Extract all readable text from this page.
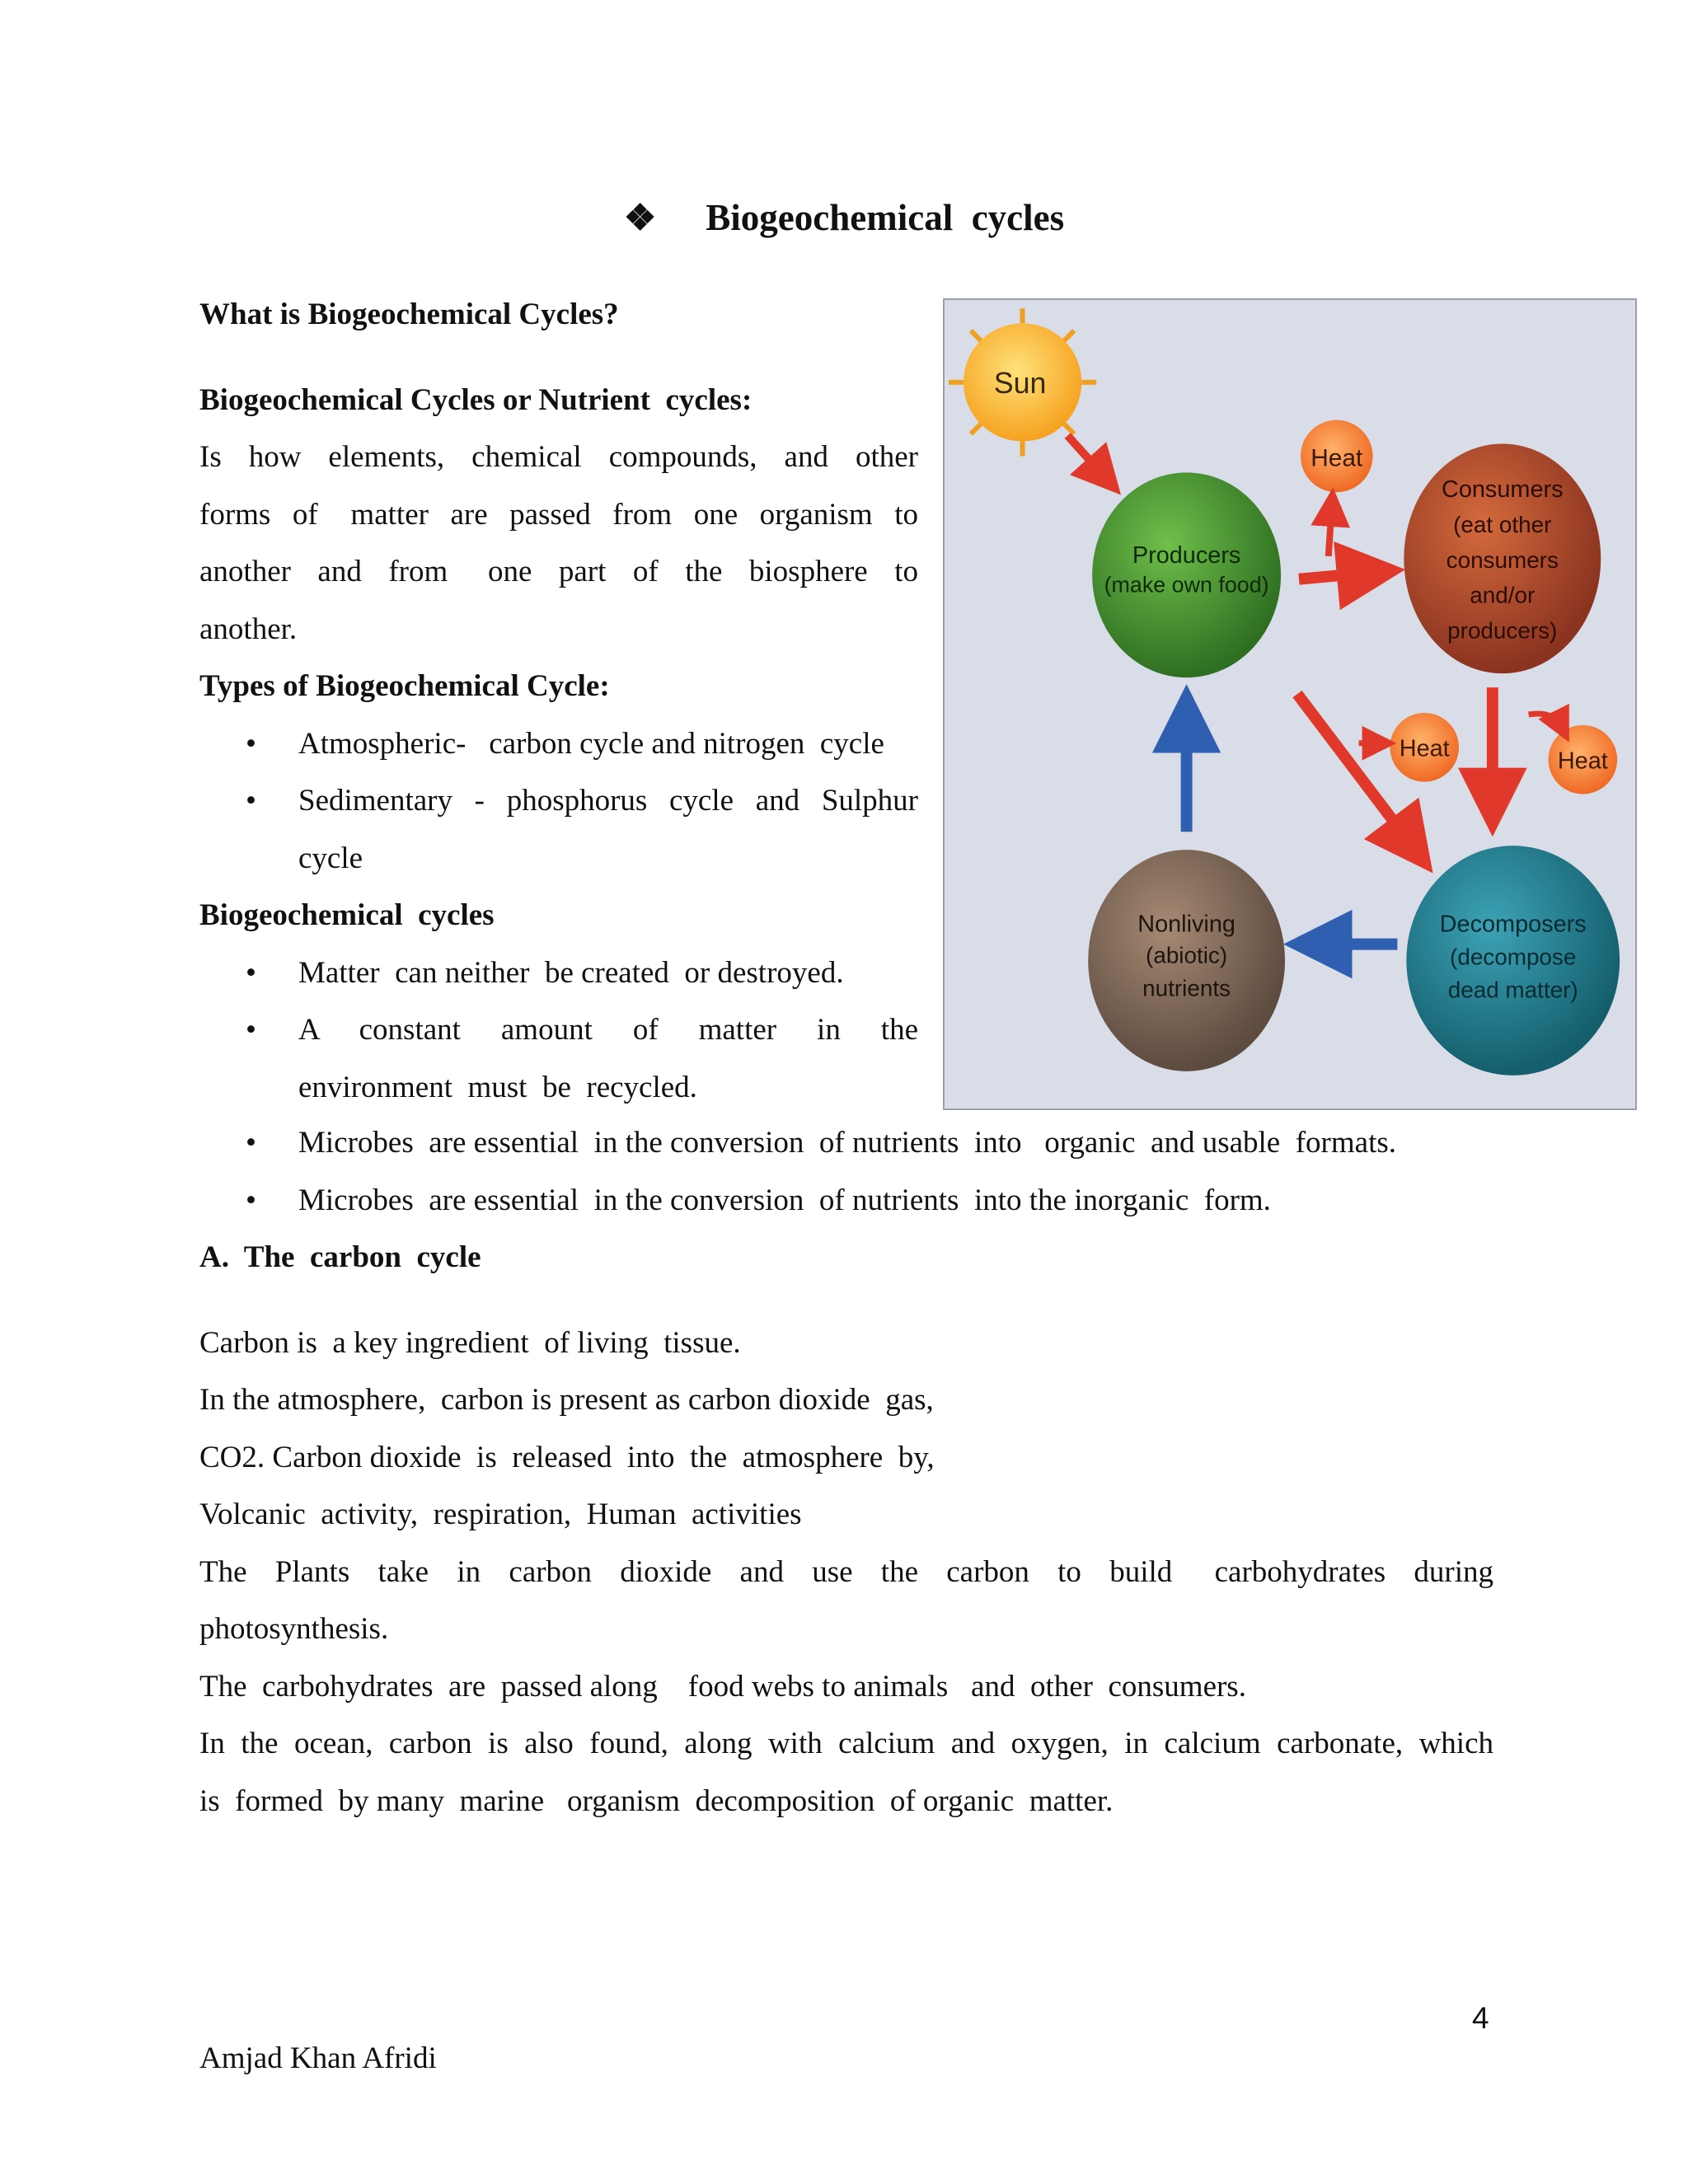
❖ Biogeochemical  cycles
What is Biogeochemical Cycles?
Biogeochemical Cycles or Nutrient  cycles:
Is  how  elements,  chemical  compounds,  and  other
forms  of   matter  are  passed  from  one  organism  to
another  and  from   one  part  of  the  biosphere  to
another.
Types of Biogeochemical Cycle:
• Atmospheric-   carbon cycle and nitrogen  cycle
• Sedimentary  -  phosphorus  cycle  and  Sulphur
cycle
Biogeochemical  cycles
• Matter  can neither  be created  or destroyed.
• A    constant    amount    of    matter    in    the
environment  must  be  recycled.
• Microbes  are essential  in the conversion  of nutrients  into   organic  and usable  formats.
• Microbes  are essential  in the conversion  of nutrients  into the inorganic  form.
A.  The  carbon  cycle
Carbon is  a key ingredient  of living  tissue.
In the atmosphere,  carbon is present as carbon dioxide  gas,
CO2. Carbon dioxide  is  released  into  the  atmosphere  by,
Volcanic  activity,  respiration,  Human  activities
The  Plants  take  in  carbon  dioxide  and  use  the  carbon  to  build   carbohydrates  during
photosynthesis.
The  carbohydrates  are  passed along    food webs to animals   and  other  consumers.
In  the  ocean,  carbon  is  also  found,  along  with  calcium  and  oxygen,  in  calcium  carbonate,  which
is  formed  by many  marine   organism  decomposition  of organic  matter.
Sun
Heat
Producers
(make own food)
Consumers
(eat other
consumers
and/or
producers)
Heat	Heat
Nonliving
(abiotic)
nutrients
Decomposers
(decompose
dead matter)
4
Amjad Khan Afridi
